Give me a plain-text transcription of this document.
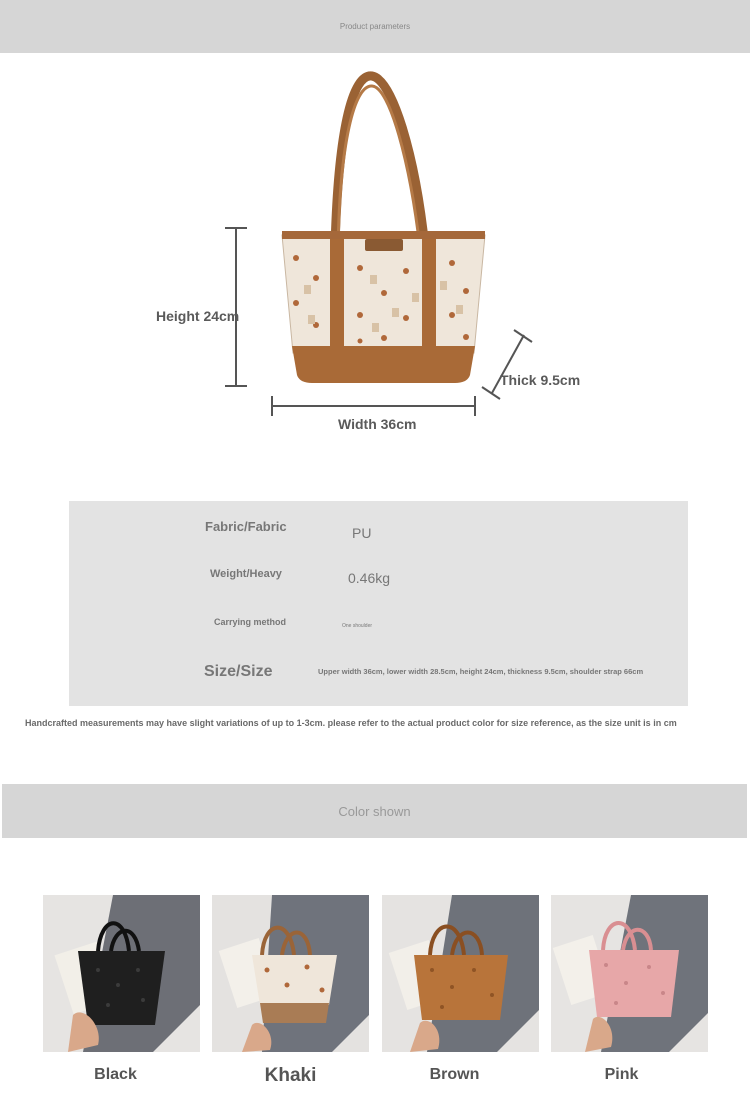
Product parameters
Height 24cm
Thick 9.5cm
Width 36cm
Fabric/Fabric	PU
Weight/Heavy	0.46kg
Carrying method	One shoulder
Size/Size	Upper width 36cm, lower width 28.5cm, height 24cm, thickness 9.5cm, shoulder strap 66cm
Handcrafted measurements may have slight variations of up to 1-3cm. please refer to the actual product color for size reference, as the size unit is in cm
Color shown
Black	Khaki	Brown	Pink
